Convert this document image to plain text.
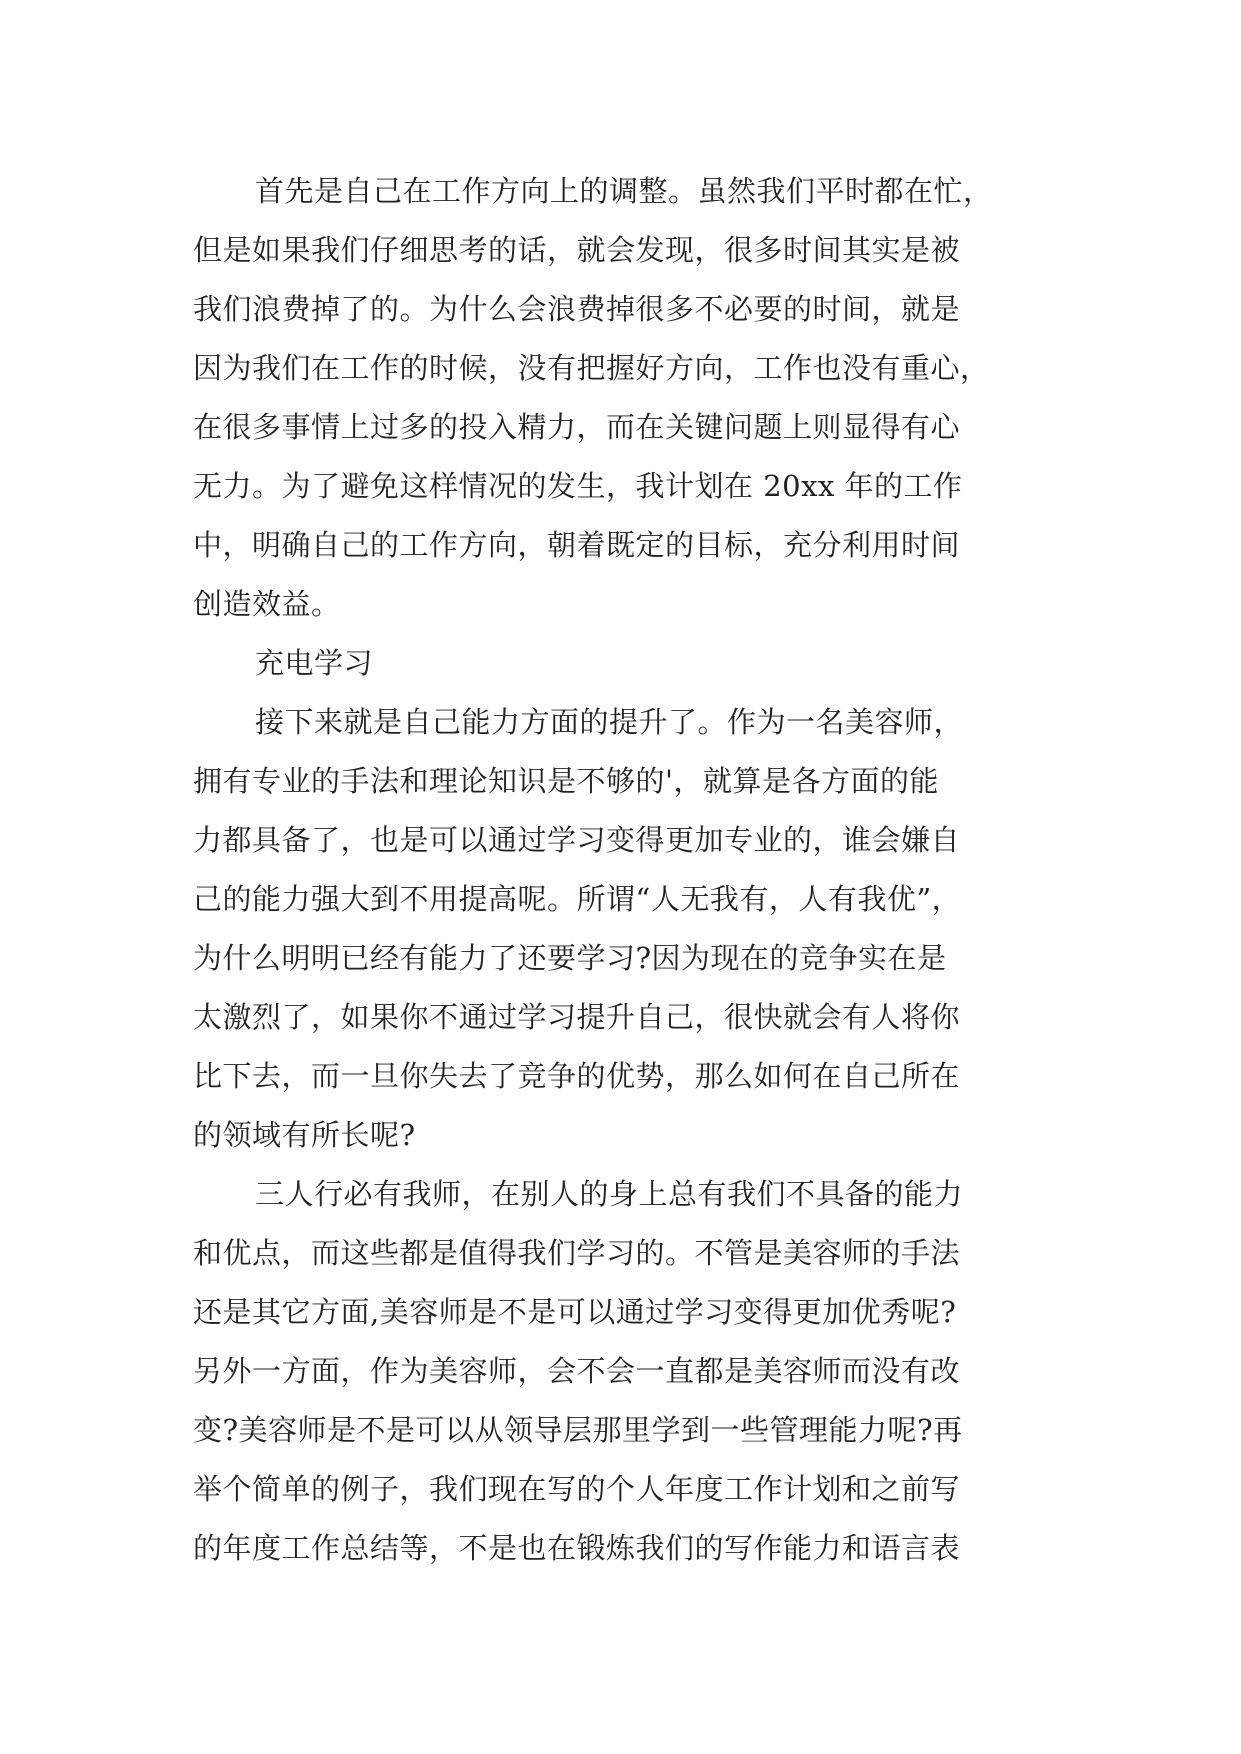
首先是自己在工作方向上的调整。虽然我们平时都在忙，
但是如果我们仔细思考的话，就会发现，很多时间其实是被
我们浪费掉了的。为什么会浪费掉很多不必要的时间，就是
因为我们在工作的时候，没有把握好方向，工作也没有重心，
在很多事情上过多的投入精力，而在关键问题上则显得有心
无力。为了避免这样情况的发生，我计划在 20xx 年的工作
中，明确自己的工作方向，朝着既定的目标，充分利用时间
创造效益。
充电学习
接下来就是自己能力方面的提升了。作为一名美容师，
拥有专业的手法和理论知识是不够的'，就算是各方面的能
力都具备了，也是可以通过学习变得更加专业的，谁会嫌自
己的能力强大到不用提高呢。所谓“人无我有，人有我优”，
为什么明明已经有能力了还要学习?因为现在的竞争实在是
太激烈了，如果你不通过学习提升自己，很快就会有人将你
比下去，而一旦你失去了竞争的优势，那么如何在自己所在
的领域有所长呢?
三人行必有我师，在别人的身上总有我们不具备的能力
和优点，而这些都是值得我们学习的。不管是美容师的手法
还是其它方面,美容师是不是可以通过学习变得更加优秀呢?
另外一方面，作为美容师，会不会一直都是美容师而没有改
变?美容师是不是可以从领导层那里学到一些管理能力呢?再
举个简单的例子，我们现在写的个人年度工作计划和之前写
的年度工作总结等，不是也在锻炼我们的写作能力和语言表
